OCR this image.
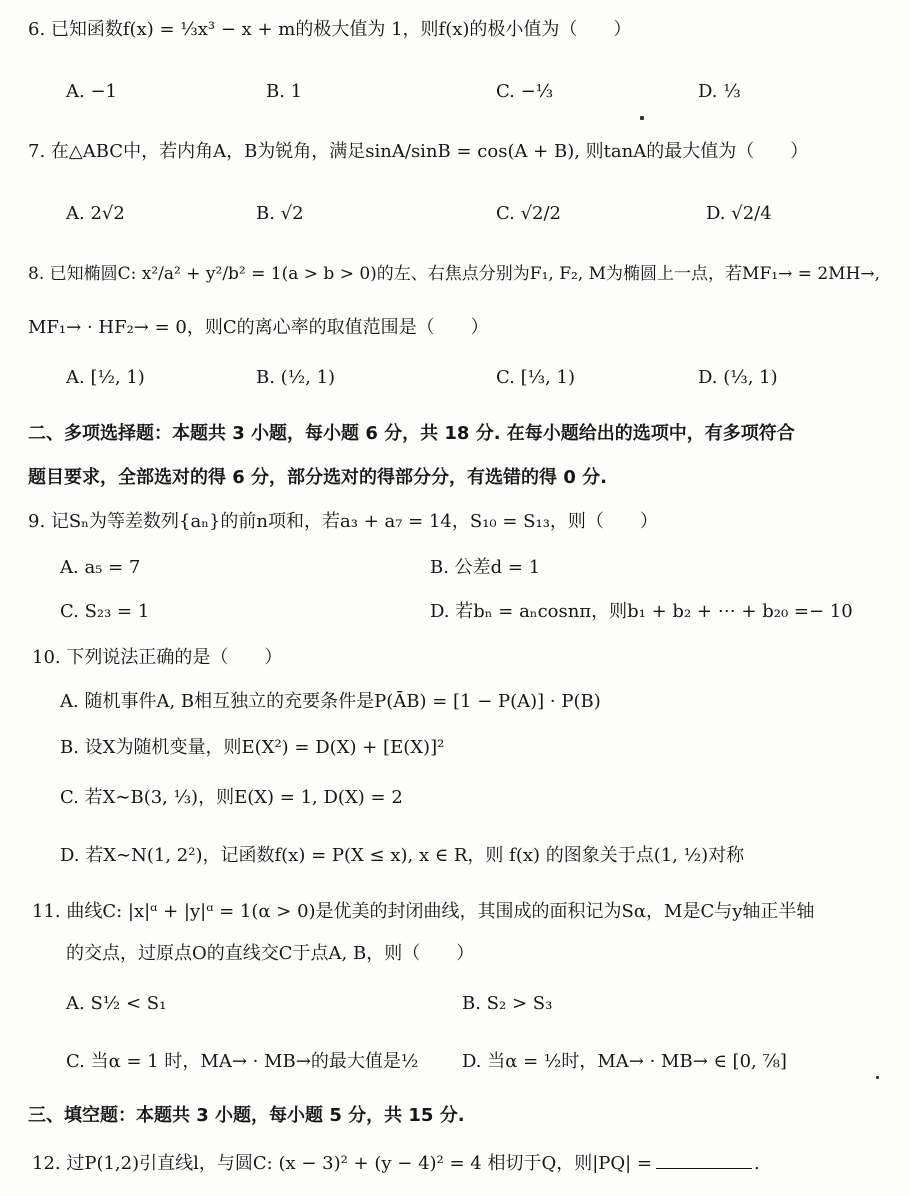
6. 已知函数f(x) = ⅓x³ − x + m的极大值为 1，则f(x)的极小值为（　　）
A. −1	B. 1	C. −⅓	D. ⅓
7. 在△ABC中，若内角A，B为锐角，满足sinA/sinB = cos(A + B), 则tanA的最大值为（　　）
A. 2√2	B. √2	C. √2/2	D. √2/4
8. 已知椭圆C: x²/a² + y²/b² = 1(a > b > 0)的左、右焦点分别为F₁, F₂, M为椭圆上一点，若MF₁→ = 2MH→,
MF₁→ · HF₂→ = 0，则C的离心率的取值范围是（　　）
A. [½, 1)	B. (½, 1)	C. [⅓, 1)	D. (⅓, 1)
二、多项选择题：本题共 3 小题，每小题 6 分，共 18 分. 在每小题给出的选项中，有多项符合
题目要求，全部选对的得 6 分，部分选对的得部分分，有选错的得 0 分.
9. 记Sₙ为等差数列{aₙ}的前n项和，若a₃ + a₇ = 14，S₁₀ = S₁₃，则（　　）
A. a₅ = 7	B. 公差d = 1
C. S₂₃ = 1	D. 若bₙ = aₙcosnπ，则b₁ + b₂ + ⋯ + b₂₀ =− 10
10. 下列说法正确的是（　　）
A. 随机事件A, B相互独立的充要条件是P(ĀB) = [1 − P(A)] · P(B)
B. 设X为随机变量，则E(X²) = D(X) + [E(X)]²
C. 若X∼B(3, ⅓)，则E(X) = 1, D(X) = 2
D. 若X∼N(1, 2²)，记函数f(x) = P(X ≤ x), x ∈ R，则 f(x) 的图象关于点(1, ½)对称
11. 曲线C: |x|ᵅ + |y|ᵅ = 1(α > 0)是优美的封闭曲线，其围成的面积记为Sα，M是C与y轴正半轴
的交点，过原点O的直线交C于点A, B，则（　　）
A. S½ < S₁	B. S₂ > S₃
C. 当α = 1 时，MA→ · MB→的最大值是½ D. 当α = ½时，MA→ · MB→ ∈ [0, ⅞]
三、填空题：本题共 3 小题，每小题 5 分，共 15 分.
12. 过P(1,2)引直线l，与圆C: (x − 3)² + (y − 4)² = 4 相切于Q，则|PQ| =	.
